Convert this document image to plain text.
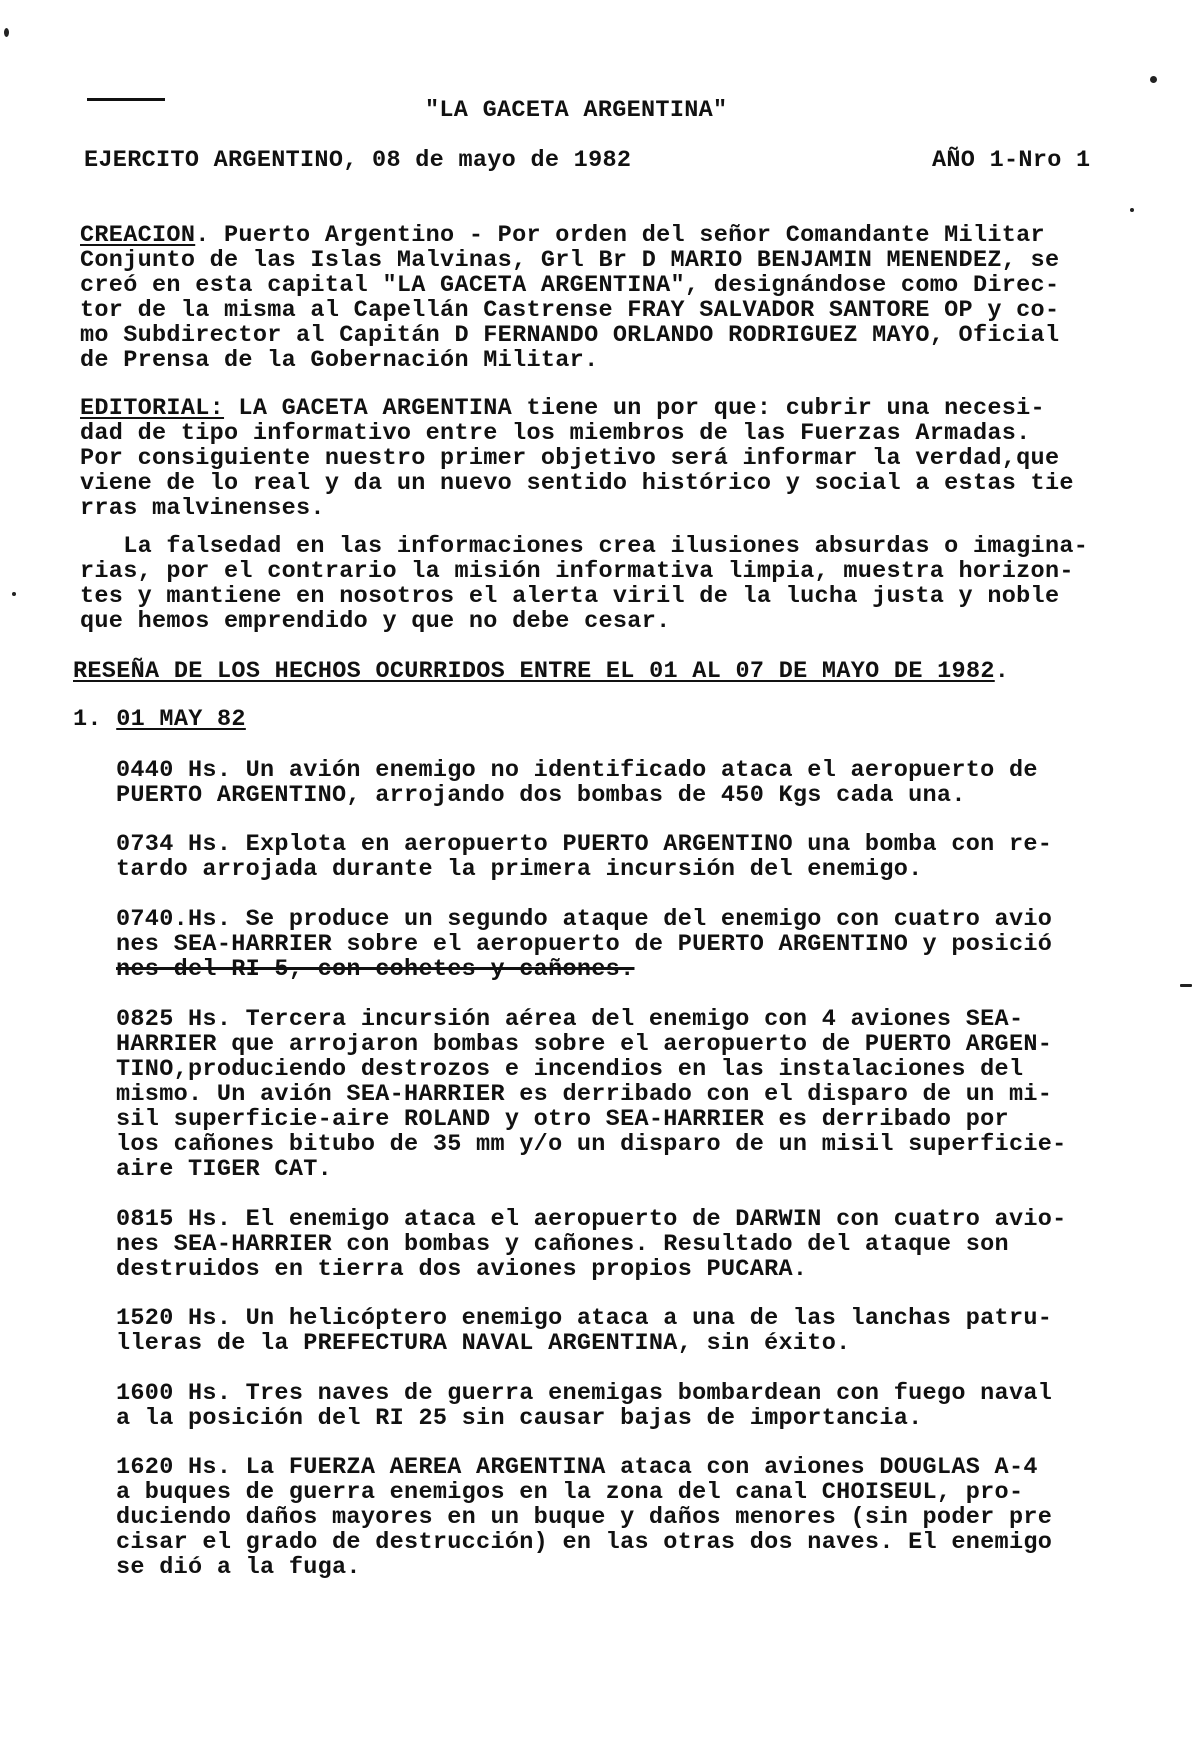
"LA GACETA ARGENTINA"
EJERCITO ARGENTINO, 08 de mayo de 1982	AÑO 1-Nro 1
CREACION. Puerto Argentino - Por orden del señor Comandante Militar
Conjunto de las Islas Malvinas, Grl Br D MARIO BENJAMIN MENENDEZ, se
creó en esta capital "LA GACETA ARGENTINA", designándose como Direc-
tor de la misma al Capellán Castrense FRAY SALVADOR SANTORE OP y co-
mo Subdirector al Capitán D FERNANDO ORLANDO RODRIGUEZ MAYO, Oficial
de Prensa de la Gobernación Militar.
EDITORIAL: LA GACETA ARGENTINA tiene un por que: cubrir una necesi-
dad de tipo informativo entre los miembros de las Fuerzas Armadas.
Por consiguiente nuestro primer objetivo será informar la verdad,que
viene de lo real y da un nuevo sentido histórico y social a estas tie
rras malvinenses.
La falsedad en las informaciones crea ilusiones absurdas o imagina-
rias, por el contrario la misión informativa limpia, muestra horizon-
tes y mantiene en nosotros el alerta viril de la lucha justa y noble
que hemos emprendido y que no debe cesar.
RESEÑA DE LOS HECHOS OCURRIDOS ENTRE EL 01 AL 07 DE MAYO DE 1982.
1. 01 MAY 82
0440 Hs. Un avión enemigo no identificado ataca el aeropuerto de
PUERTO ARGENTINO, arrojando dos bombas de 450 Kgs cada una.
0734 Hs. Explota en aeropuerto PUERTO ARGENTINO una bomba con re-
tardo arrojada durante la primera incursión del enemigo.
0740.Hs. Se produce un segundo ataque del enemigo con cuatro avio
nes SEA-HARRIER sobre el aeropuerto de PUERTO ARGENTINO y posició
nes del RI 5, con cohetes y cañones.
0825 Hs. Tercera incursión aérea del enemigo con 4 aviones SEA-
HARRIER que arrojaron bombas sobre el aeropuerto de PUERTO ARGEN-
TINO,produciendo destrozos e incendios en las instalaciones del
mismo. Un avión SEA-HARRIER es derribado con el disparo de un mi-
sil superficie-aire ROLAND y otro SEA-HARRIER es derribado por
los cañones bitubo de 35 mm y/o un disparo de un misil superficie-
aire TIGER CAT.
0815 Hs. El enemigo ataca el aeropuerto de DARWIN con cuatro avio-
nes SEA-HARRIER con bombas y cañones. Resultado del ataque son
destruidos en tierra dos aviones propios PUCARA.
1520 Hs. Un helicóptero enemigo ataca a una de las lanchas patru-
lleras de la PREFECTURA NAVAL ARGENTINA, sin éxito.
1600 Hs. Tres naves de guerra enemigas bombardean con fuego naval
a la posición del RI 25 sin causar bajas de importancia.
1620 Hs. La FUERZA AEREA ARGENTINA ataca con aviones DOUGLAS A-4
a buques de guerra enemigos en la zona del canal CHOISEUL, pro-
duciendo daños mayores en un buque y daños menores (sin poder pre
cisar el grado de destrucción) en las otras dos naves. El enemigo
se dió a la fuga.
